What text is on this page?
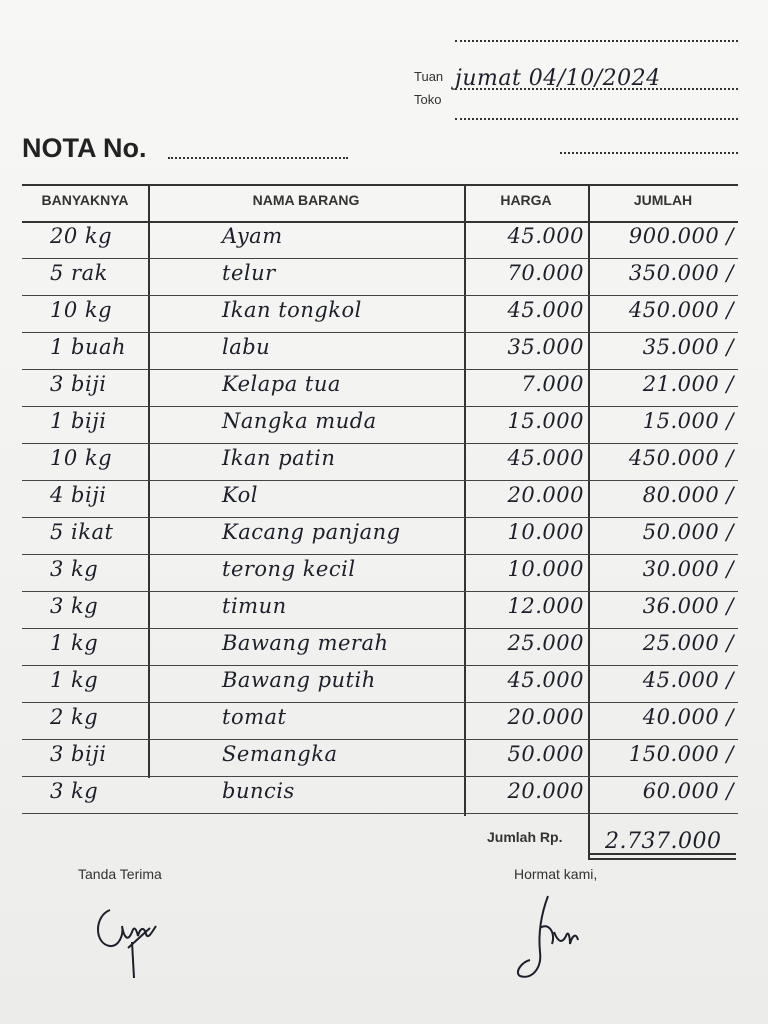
Tuan jumat 04/10/2024
Toko
NOTA No.
BANYAKNYA	NAMA BARANG	HARGA	JUMLAH
20 kg	Ayam	45.000	900.000 /
5 rak	telur	70.000	350.000 /
10 kg	Ikan tongkol	45.000	450.000 /
1 buah	labu	35.000	35.000 /
3 biji	Kelapa tua	7.000	21.000 /
1 biji	Nangka muda	15.000	15.000 /
10 kg	Ikan patin	45.000	450.000 /
4 biji	Kol	20.000	80.000 /
5 ikat	Kacang panjang	10.000	50.000 /
3 kg	terong kecil	10.000	30.000 /
3 kg	timun	12.000	36.000 /
1 kg	Bawang merah	25.000	25.000 /
1 kg	Bawang putih	45.000	45.000 /
2 kg	tomat	20.000	40.000 /
3 biji	Semangka	50.000	150.000 /
3 kg	buncis	20.000	60.000 /
Jumlah Rp. 2.737.000
Tanda Terima	Hormat kami,
